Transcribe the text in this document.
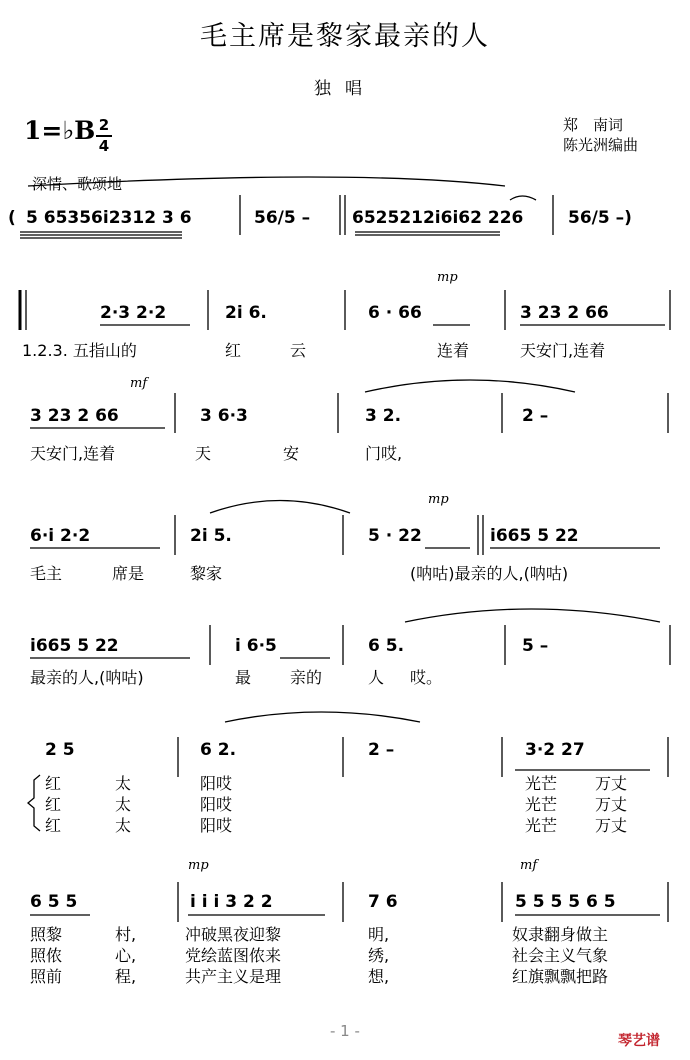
毛主席是黎家最亲的人
独唱
1=♭B $\frac{2}{4}$	郑　南词
陈光洲编曲
深情、歌颂地
5 65356i2312 3 6	56/5 – 6525212i6i62 226	56/5 –)
(
mp
2·3 2·2	2i 6.	6 · 66	3 23 2 66
1.2.3. 五指山的	红	云	连着	天安门,连着
mf
3 23 2 66	3 6·3	3 2.	2 –
天安门,连着	天	安	门哎,
mp
6·i 2·2	2i 5.	5 · 22	i665 5 22
毛主	席是	黎家	(呐咕)最亲的人,(呐咕)
i665 5 22	i 6·5	6 5.	5 –
最亲的人,(呐咕)	最 亲的	人 哎。
2 5	6 2.	2 –	3·2 27
红	太	阳哎	光芒 万丈
红	太	阳哎	光芒 万丈
红	太	阳哎	光芒 万丈
mp	mf
6 5 5	i i i 3 2 2	7 6	5 5 5 5 6 5
照黎	村,	冲破黑夜迎黎	明,	奴隶翻身做主
照侬	心,	党绘蓝图侬来	绣,	社会主义气象
照前	程,	共产主义是理	想,	红旗飘飘把路
- 1 -
琴艺谱
